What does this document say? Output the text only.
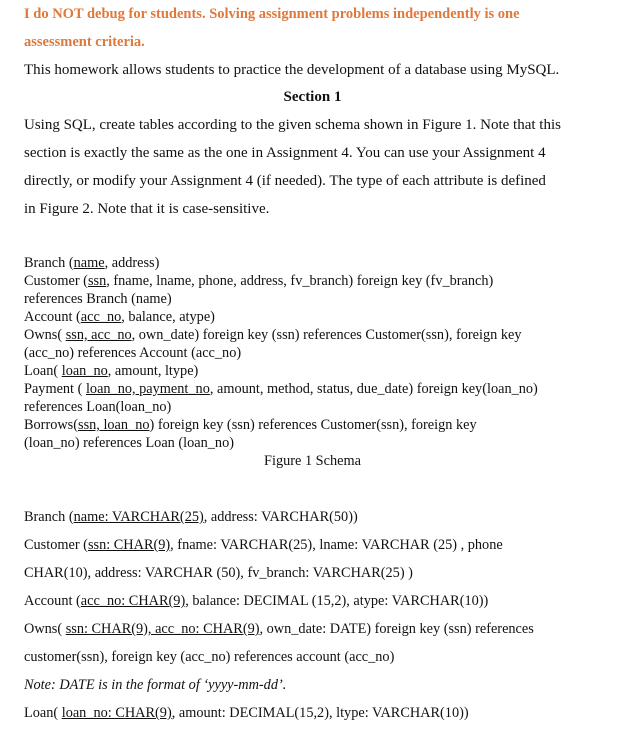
I do NOT debug for students. Solving assignment problems independently is one
assessment criteria.
This homework allows students to practice the development of a database using MySQL.
Section 1
Using SQL, create tables according to the given schema shown in Figure 1. Note that this
section is exactly the same as the one in Assignment 4. You can use your Assignment 4
directly, or modify your Assignment 4 (if needed). The type of each attribute is defined
in Figure 2. Note that it is case-sensitive.
Branch (name, address)
Customer (ssn, fname, lname, phone, address, fv_branch) foreign key (fv_branch)
references Branch (name)
Account (acc_no, balance, atype)
Owns( ssn, acc_no, own_date) foreign key (ssn) references Customer(ssn), foreign key
(acc_no) references Account (acc_no)
Loan( loan_no, amount, ltype)
Payment ( loan_no, payment_no, amount, method, status, due_date) foreign key(loan_no)
references Loan(loan_no)
Borrows(ssn, loan_no) foreign key (ssn) references Customer(ssn), foreign key
(loan_no) references Loan (loan_no)
Figure 1 Schema
Branch (name: VARCHAR(25), address: VARCHAR(50))
Customer (ssn: CHAR(9), fname: VARCHAR(25), lname: VARCHAR (25) , phone
CHAR(10), address: VARCHAR (50), fv_branch: VARCHAR(25) )
Account (acc_no: CHAR(9), balance: DECIMAL (15,2), atype: VARCHAR(10))
Owns( ssn: CHAR(9), acc_no: CHAR(9), own_date: DATE) foreign key (ssn) references
customer(ssn), foreign key (acc_no) references account (acc_no)
Note: DATE is in the format of ‘yyyy-mm-dd’.
Loan( loan_no: CHAR(9), amount: DECIMAL(15,2), ltype: VARCHAR(10))
